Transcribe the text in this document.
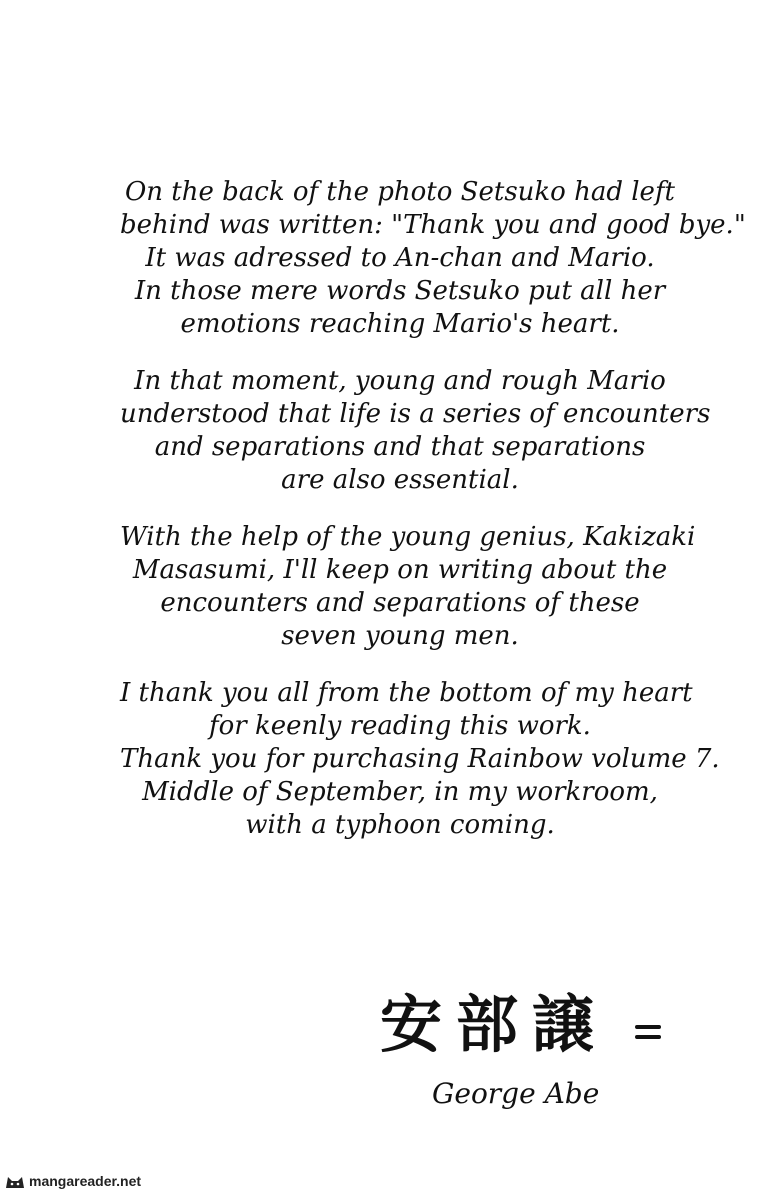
On the back of the photo Setsuko had left
behind was written: "Thank you and good bye."
It was adressed to An-chan and Mario.
In those mere words Setsuko put all her
emotions reaching Mario's heart.
In that moment, young and rough Mario
understood that life is a series of encounters
and separations and that separations
are also essential.
With the help of the young genius, Kakizaki
Masasumi, I'll keep on writing about the
encounters and separations of these
seven young men.
I thank you all from the bottom of my heart
for keenly reading this work.
Thank you for purchasing Rainbow volume 7.
Middle of September, in my workroom,
with a typhoon coming.
安部譲
George Abe
mangareader.net
